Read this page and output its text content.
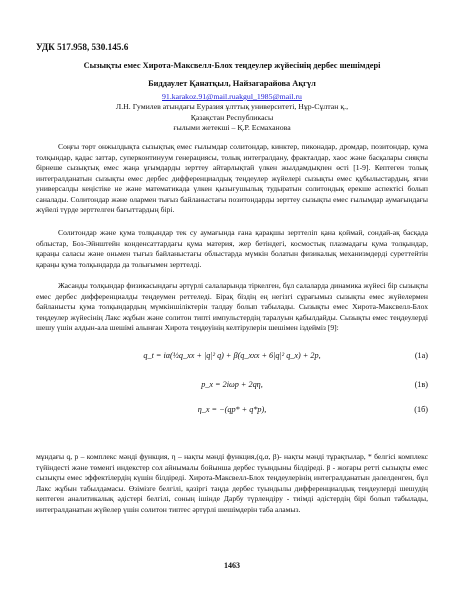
УДК 517.958, 530.145.6
Сызықты емес Хирота-Максвелл-Блох теңдеулер жүйесінің дербес шешімдері
Биддаулет Қанатқыл, Найзагарайова Ақгүл
91.karakoz.91@mail.ruakgul_1985@mail.ru
Л.Н. Гумилев атындағы Еуразия ұлттық университеті, Нұр-Сұлтан қ.,
Қазақстан Республикасы
ғылыми жетекші – Қ.Р. Есмаханова

Соңғы төрт онжылдықта сызықтық емес ғылымдар солитондар, кинктер, пиконадар, дромдар, позитондар, қума толқындар, қадас заттар, суперконтинуум генерациясы, толық интегралдану, фракталдар, хаос және басқалары сияқты бірнеше сызықтық емес жаңа ұғымдарды зерттеу айтарлықтай үлкен жылдамдықпен өсті [1-9]. Кептеген толық интегралданатын сызықты емес дербес дифференциалдық теңдеулер жүйелері сызықты емес құбылыстардың, яғни универсалды кеңістіке не және математикада үлкен қызығушылық тудыратын солитондық ерекше аспектісі болып саналады. Солитондар және олармен тығыз байланыстағы позитондарды зерттеу сызықты емес ғылымдар аумағындағы жүйелі түрде зерттелген бағыттардың бірі.

Солитондар және қума толқындар тек су аумағында ғана қарақшы зерттеліп қана қоймай, сондай-ақ басқада облыстар, Боз-Эйнштейн конденсаттардағы қума материя, жер бетіндегі, космостық плазмадағы қума толқындар, қараңы саласы және оньмен тығыз байланыстағы облыстарда мүмкін болатын физикалық механизмдерді суреттейтін қараңы қума толқындарда да толығымен зерттелді.

Жасанды толқындар физикасындағы әртүрлі салаларында тіркелген, бұл салаларда динамика жүйесі бір сызықты емес дербес дифференциалды теңдеумен реттеледі. Бірақ біздің ең негізгі сұрағымыз сызықты емес жүйелермен байланысты қума толқындардың мүмкіншіліктерін талдау болып табылады. Сызықты емес Хирота-Максвелл-Блох теңдеулер жүйесінің Лакс жұбын және солитон типті импульстердің таралуын қабылдайды. Сызықты емес теңдеулерді шешу үшін алдын-ала шешімі алынған Хирота теңдеуінің келтірулерін шешімен іздейміз [9]:

q_t = iα(½q_xx + |q|² q) + β(q_xxx + 6|q|² q_x) + 2p,	(1a)
p_x = 2iωp + 2qη,	(1в)
η_x = −(qp* + q*p),	(1б)

мұндағы q, p – комплекс мәнді функция, η – нақты мәнді функция,(q,α, β)- нақты мәнді тұрақтылар, * белгісі комплекс түйіндесті және төменгі индекстер сол айнымалы бойынша дербес туындыны білдіреді. β - жоғары ретті сызықты емес сызықты емес эффектілердің күшін білдіреді. Хирота-Максвелл-Блох теңдеулерінің интегралданатын дәлелденген, бұл Лакс жұбын табылдамасы. Өзімізге белгілі, қазіргі таңда дербес туындылы дифференциалдық теңдеулерді шешудің кептеген аналитикалық әдістері белгілі, соның ішінде Дарбу түрлендіру - тиімді әдістердің бірі болып табылады, интегралданатын жүйелер үшін солитон типтес әртүрлі шешімдерін таба аламыз.

1463
